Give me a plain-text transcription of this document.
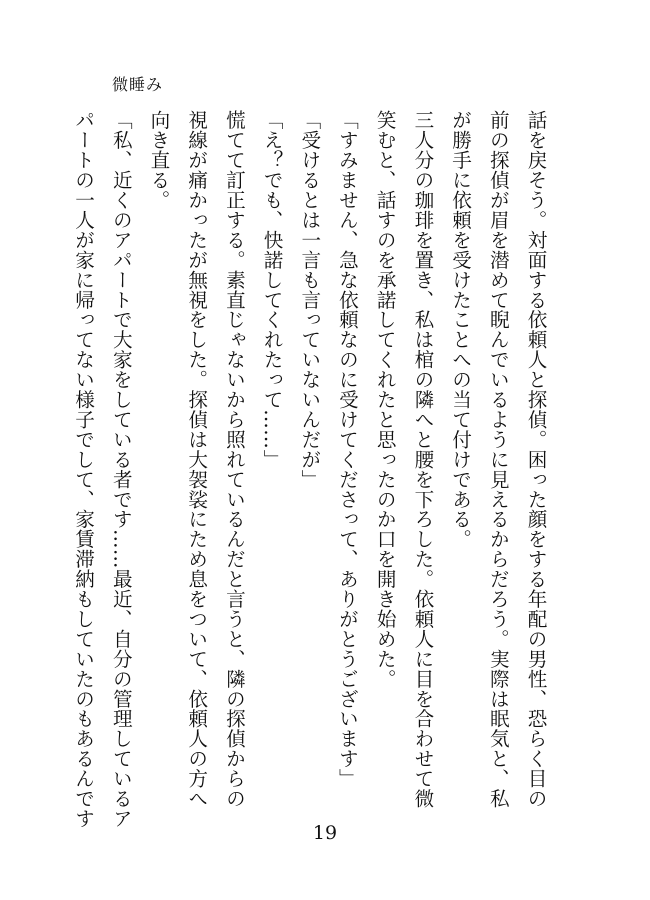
微睡み
話を戻そう。対面する依頼人と探偵。困った顔をする年配の男性、恐らく目の
前の探偵が眉を潜めて睨んでいるように見えるからだろう。実際は眠気と、私
が勝手に依頼を受けたことへの当て付けである。
三人分の珈琲を置き、私は棺の隣へと腰を下ろした。依頼人に目を合わせて微
笑むと、話すのを承諾してくれたと思ったのか口を開き始めた。
「すみません、急な依頼なのに受けてくださって、ありがとうございます」
「受けるとは一言も言っていないんだが」
「え？でも、快諾してくれたって……」
慌てて訂正する。素直じゃないから照れているんだと言うと、隣の探偵からの
視線が痛かったが無視をした。探偵は大袈裟にため息をついて、依頼人の方へ
向き直る。
「私、近くのアパートで大家をしている者です……最近、自分の管理しているア
パートの一人が家に帰ってない様子でして、家賃滞納もしていたのもあるんです
19
